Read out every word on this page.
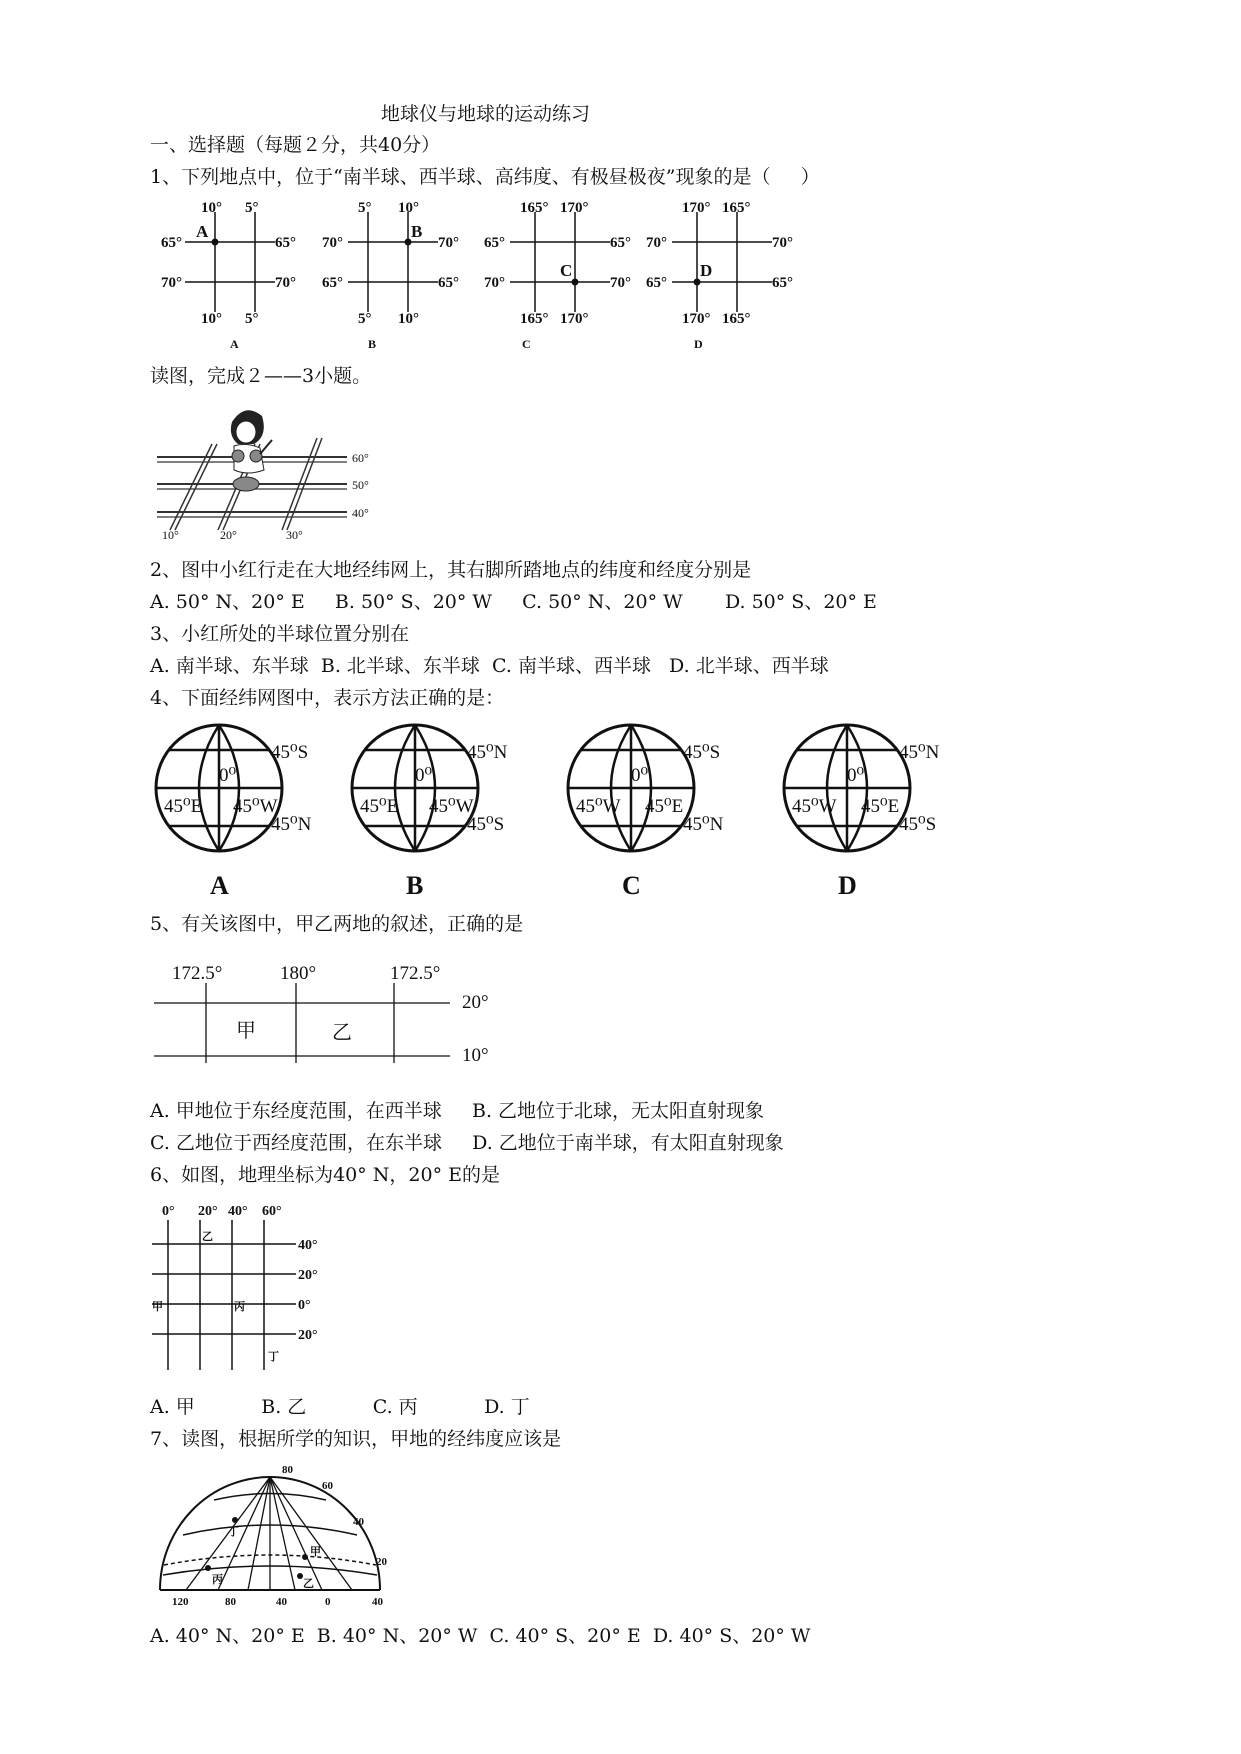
地球仪与地球的运动练习
一、选择题（每题２分，共40分）
1、下列地点中，位于“南半球、西半球、高纬度、有极昼极夜”现象的是（     ）
A
10° 5°
10° 5°
65°
70°
65°
70°
A
B
5° 10°
5° 10°
70°
65°
70°
65°
B
C
165° 170°
165° 170°
65°
70°
65°
70°
C
D
170° 165°
170° 165°
70°
65°
70°
65°
D
读图，完成２——3小题。
60°
50°
40°
10°	20°	30°
2、图中小红行走在大地经纬网上，其右脚所踏地点的纬度和经度分别是
A. 50° N、20° E     B. 50° S、20° W     C. 50° N、20° W       D. 50° S、20° E
3、小红所处的半球位置分别在
A. 南半球、东半球  B. 北半球、东半球  C. 南半球、西半球   D. 北半球、西半球
4、下面经纬网图中，表示方法正确的是：
0⁰
45⁰S
45⁰N
45⁰E 45⁰W
A
0⁰
45⁰N
45⁰S
45⁰E 45⁰W
B
0⁰
45⁰S
45⁰N
45⁰W 45⁰E
C
0⁰
45⁰N
45⁰S
45⁰W 45⁰E
D
5、有关该图中，甲乙两地的叙述，正确的是
172.5°	180°	172.5°
20°
10°
甲	乙
A. 甲地位于东经度范围，在西半球     B. 乙地位于北球，无太阳直射现象
C. 乙地位于西经度范围，在东半球     D. 乙地位于南半球，有太阳直射现象
6、如图，地理坐标为40° N，20° E的是
0° 20° 40° 60°
40°
20°
0°
20°
乙
甲	丙
丁
A. 甲           B. 乙           C. 丙           D. 丁
7、读图，根据所学的知识，甲地的经纬度应该是
80
60
40
20
丁
甲
丙	乙
120	80	40	0	40
A. 40° N、20° E  B. 40° N、20° W  C. 40° S、20° E  D. 40° S、20° W
